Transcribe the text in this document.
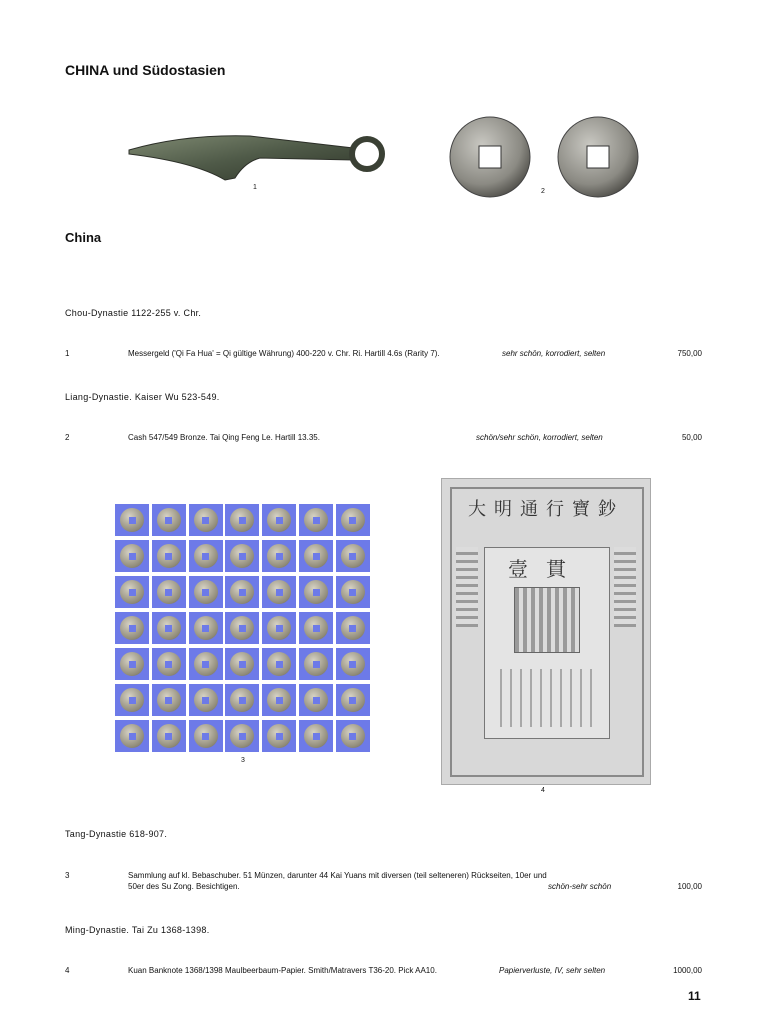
CHINA und Südostasien
1
2
China
Chou-Dynastie 1122-255 v. Chr.
1	Messergeld ('Qi Fa Hua' = Qi gültige Währung) 400-220 v. Chr. Ri. Hartill 4.6s (Rarity 7).	sehr schön, korrodiert, selten	750,00
Liang-Dynastie. Kaiser Wu 523-549.
2	Cash 547/549 Bronze. Tai Qing Feng Le. Hartill 13.35.	schön/sehr schön, korrodiert, selten	50,00
3
大明通行寶鈔
壹貫
4
Tang-Dynastie 618-907.
3	Sammlung auf kl. Bebaschuber. 51 Münzen, darunter 44 Kai Yuans mit diversen (teil selteneren) Rückseiten, 10er und
50er des Su Zong. Besichtigen.	schön-sehr schön	100,00
Ming-Dynastie. Tai Zu 1368-1398.
4	Kuan Banknote 1368/1398 Maulbeerbaum-Papier. Smith/Matravers T36-20. Pick AA10.	Papierverluste, IV, sehr selten	1000,00
11
